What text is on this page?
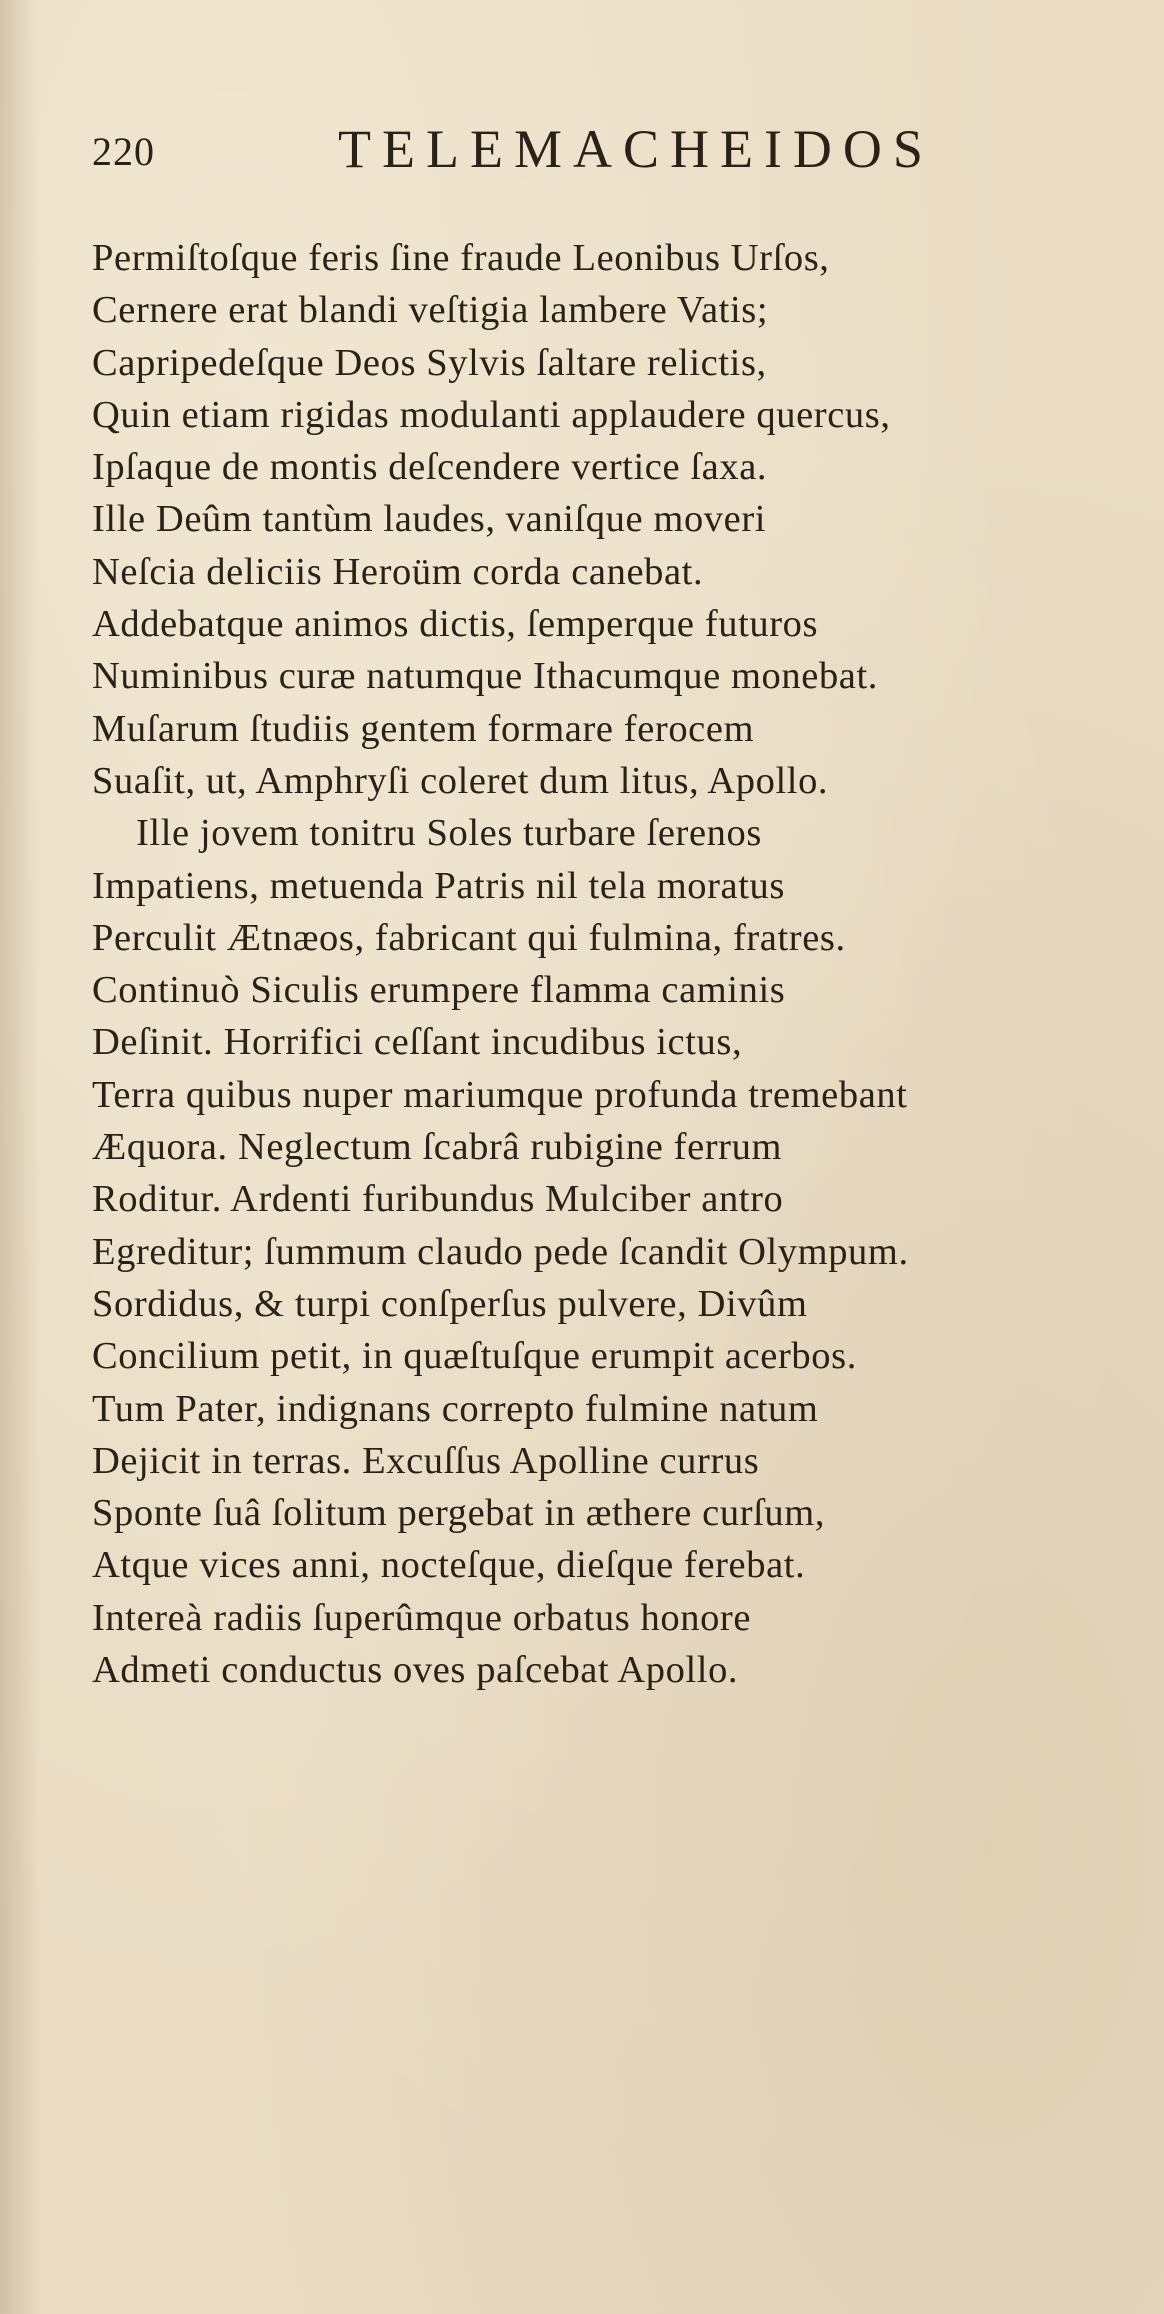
220	TELEMACHEIDOS
Permiſtoſque feris ſine fraude Leonibus Urſos,
Cernere erat blandi veſtigia lambere Vatis;
Capripedeſque Deos Sylvis ſaltare relictis,
Quin etiam rigidas modulanti applaudere quercus,
Ipſaque de montis deſcendere vertice ſaxa.
Ille Deûm tantùm laudes, vaniſque moveri
Neſcia deliciis Heroüm corda canebat.
Addebatque animos dictis, ſemperque futuros
Numinibus curæ natumque Ithacumque monebat.
Muſarum ſtudiis gentem formare ferocem
Suaſit, ut, Amphryſi coleret dum litus, Apollo.
Ille jovem tonitru Soles turbare ſerenos
Impatiens, metuenda Patris nil tela moratus
Perculit Ætnæos, fabricant qui fulmina, fratres.
Continuò Siculis erumpere flamma caminis
Deſinit. Horrifici ceſſant incudibus ictus,
Terra quibus nuper mariumque profunda tremebant
Æquora. Neglectum ſcabrâ rubigine ferrum
Roditur. Ardenti furibundus Mulciber antro
Egreditur; ſummum claudo pede ſcandit Olympum.
Sordidus, & turpi conſperſus pulvere, Divûm
Concilium petit, in quæſtuſque erumpit acerbos.
Tum Pater, indignans correpto fulmine natum
Dejicit in terras. Excuſſus Apolline currus
Sponte ſuâ ſolitum pergebat in æthere curſum,
Atque vices anni, nocteſque, dieſque ferebat.
Intereà radiis ſuperûmque orbatus honore
Admeti conductus oves paſcebat Apollo.
